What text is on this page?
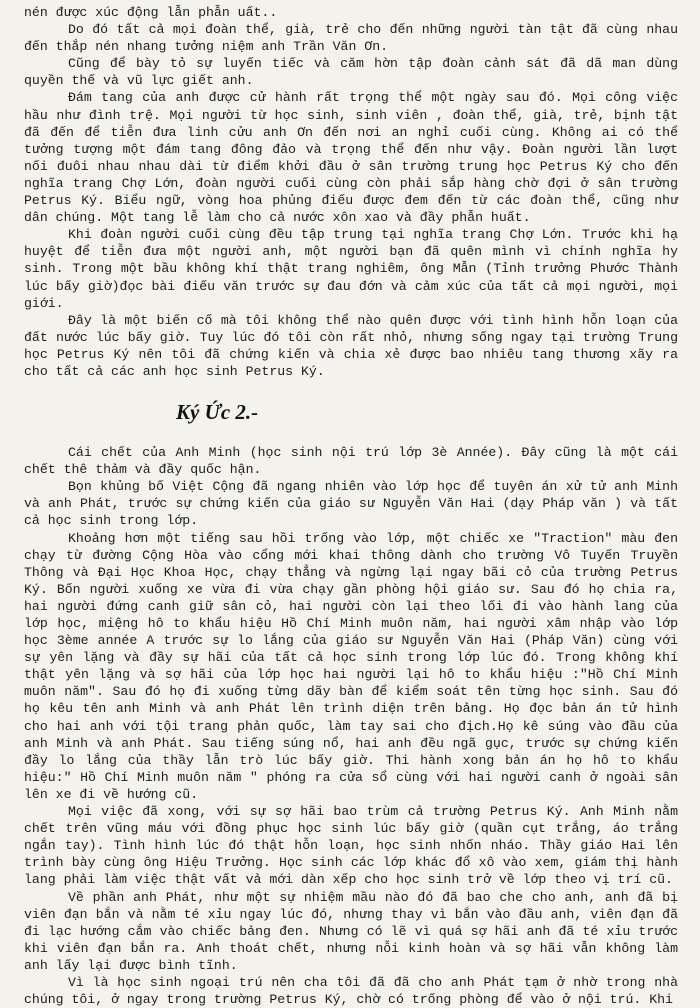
nén được xúc động lẫn phẫn uất..

Do đó tất cả mọi đoàn thể, già, trẻ cho đến những người tàn tật đã cùng nhau đến thắp nén nhang tưởng niệm anh Trần Văn Ơn.

Cũng để bày tỏ sự luyến tiếc và căm hờn tập đoàn cảnh sát đã dã man dùng quyền thế và vũ lực giết anh.

Đám tang của anh được cử hành rất trọng thể một ngày sau đó. Mọi công việc hầu như đình trệ. Mọi người từ học sinh, sinh viên , đoàn thể, già, trẻ, bịnh tật đã đến để tiễn đưa linh cửu anh Ơn đến nơi an nghỉ cuối cùng. Không ai có thể tưởng tượng một đám tang đông đảo và trọng thể đến như vậy. Đoàn người lần lượt nối đuôi nhau nhau dài từ điểm khởi đầu ở sân trường trung học Petrus Ký cho đến nghĩa trang Chợ Lớn, đoàn người cuối cùng còn phải sắp hàng chờ đợi ở sân trường Petrus Ký. Biểu ngữ, vòng hoa phủng điếu được đem đến từ các đoàn thể, cũng như dân chúng. Một tang lễ làm cho cả nước xôn xao và đầy phẫn huất.

Khi đoàn người cuối cùng đều tập trung tại nghĩa trang Chợ Lớn. Trước khi hạ huyệt để tiễn đưa một người anh, một người bạn đã quên mình vì chính nghĩa hy sinh. Trong một bầu không khí thật trang nghiêm, ông Mẫn (Tỉnh trưởng Phước Thành lúc bấy giờ)đọc bài điếu văn trước sự đau đớn và cảm xúc của tất cả mọi người, mọi giới.

Đây là một biến cố mà tôi không thể nào quên được với tình hình hỗn loạn của đất nước lúc bấy giờ. Tuy lúc đó tôi còn rất nhỏ, nhưng sống ngay tại trường Trung học Petrus Ký nên tôi đã chứng kiến và chia xẻ được bao nhiêu tang thương xãy ra cho tất cả các anh học sinh Petrus Ký.

Ký Ức 2.-

Cái chết của Anh Minh (học sinh nội trú lớp 3è Année). Đây cũng là một cái chết thê thảm và đầy quốc hận.

Bọn khủng bố Việt Cộng đã ngang nhiên vào lớp học để tuyên án xử tử anh Minh và anh Phát, trước sự chứng kiến của giáo sư Nguyễn Văn Hai (dạy Pháp văn ) và tất cả học sinh trong lớp.

Khoảng hơn một tiếng sau hồi trống vào lớp, một chiếc xe "Traction" màu đen chạy từ đường Cộng Hòa vào cổng mới khai thông dành cho trường Vô Tuyến Truyền Thông và Đại Học Khoa Học, chạy thẳng và ngừng lại ngay bãi cỏ của trường Petrus Ký. Bốn người xuống xe vừa đi vừa chạy gần phòng hội giáo sư. Sau đó họ chia ra, hai người đứng canh giữ sân cỏ, hai người còn lại theo lối đi vào hành lang của lớp học, miệng hô to khẩu hiệu Hồ Chí Minh muôn năm, hai người xâm nhập vào lớp học 3ème année A trước sự lo lắng của giáo sư Nguyễn Văn Hai (Pháp Văn) cùng với sự yên lặng và đầy sự hãi của tất cả học sinh trong lớp lúc đó. Trong không khí thật yên lặng và sợ hãi của lớp học hai người lại hô to khẩu hiệu :"Hồ Chí Minh muôn năm". Sau đó họ đi xuống từng dãy bàn để kiểm soát tên từng học sinh. Sau đó họ kêu tên anh Minh và anh Phát lên trình diện trên bảng. Họ đọc bản án tử hình cho hai anh với tội trang phản quốc, làm tay sai cho địch.Họ kê súng vào đầu của anh Minh và anh Phát. Sau tiếng súng nổ, hai anh đều ngã gục, trước sự chứng kiến đầy lo lắng của thầy lẫn trò lúc bấy giờ. Thi hành xong bản án họ hô to khẩu hiệu:" Hồ Chí Minh muôn năm " phóng ra cửa sổ cùng với hai người canh ở ngoài sân lên xe đi về hướng cũ.

Mọi việc đã xong, với sự sợ hãi bao trùm cả trường Petrus Ký. Anh Minh nằm chết trên vũng máu với đồng phục học sinh lúc bấy giờ (quần cụt trắng, áo trắng ngắn tay). Tình hình lúc đó thật hỗn loạn, học sinh nhốn nháo. Thầy giáo Hai lên trình bày cùng ông Hiệu Trưởng. Học sinh các lớp khác đổ xô vào xem, giám thị hành lang phải làm việc thật vất vả mới dàn xếp cho học sinh trở về lớp theo vị trí cũ.

Về phần anh Phát, như một sự nhiệm mầu nào đó đã bao che cho anh, anh đã bị viên đạn bắn và nằm té xỉu ngay lúc đó, nhưng thay vì bắn vào đầu anh, viên đạn đã đi lạc hướng cắm vào chiếc bảng đen. Nhưng có lẽ vì quá sợ hãi anh đã té xỉu trước khi viên đạn bắn ra. Anh thoát chết, nhưng nỗi kinh hoàn và sợ hãi vẫn không làm anh lấy lại được bình tĩnh.

Vì là học sinh ngoại trú nên cha tôi đã đã cho anh Phát tạm ở nhờ trong nhà chúng tôi, ở ngay trong trường Petrus Ký, chờ có trống phòng để vào ở nội trú. Khi
